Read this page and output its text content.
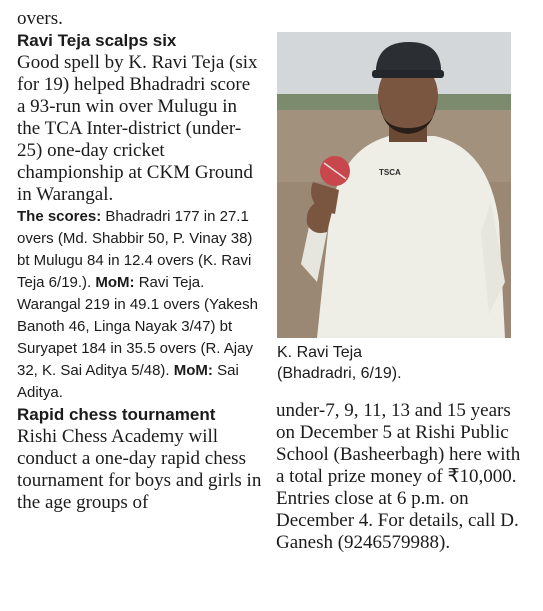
overs.

Ravi Teja scalps six

Good spell by K. Ravi Teja (six for 19) helped Bhadradri score a 93-run win over Mulugu in the TCA Inter-district (under-25) one-day cricket championship at CKM Ground in Warangal.

The scores: Bhadradri 177 in 27.1 overs (Md. Shabbir 50, P. Vinay 38) bt Mulugu 84 in 12.4 overs (K. Ravi Teja 6/19.). MoM: Ravi Teja. Warangal 219 in 49.1 overs (Yakesh Banoth 46, Linga Nayak 3/47) bt Suryapet 184 in 35.5 overs (R. Ajay 32, K. Sai Aditya 5/48). MoM: Sai Aditya.

Rapid chess tournament

Rishi Chess Academy will conduct a one-day rapid chess tournament for boys and girls in the age groups of

TSCA
K. Ravi Teja
(Bhadradri, 6/19).

under-7, 9, 11, 13 and 15 years on December 5 at Rishi Public School (Basheerbagh) here with a total prize money of ₹10,000. Entries close at 6 p.m. on December 4. For details, call D. Ganesh (9246579988).
